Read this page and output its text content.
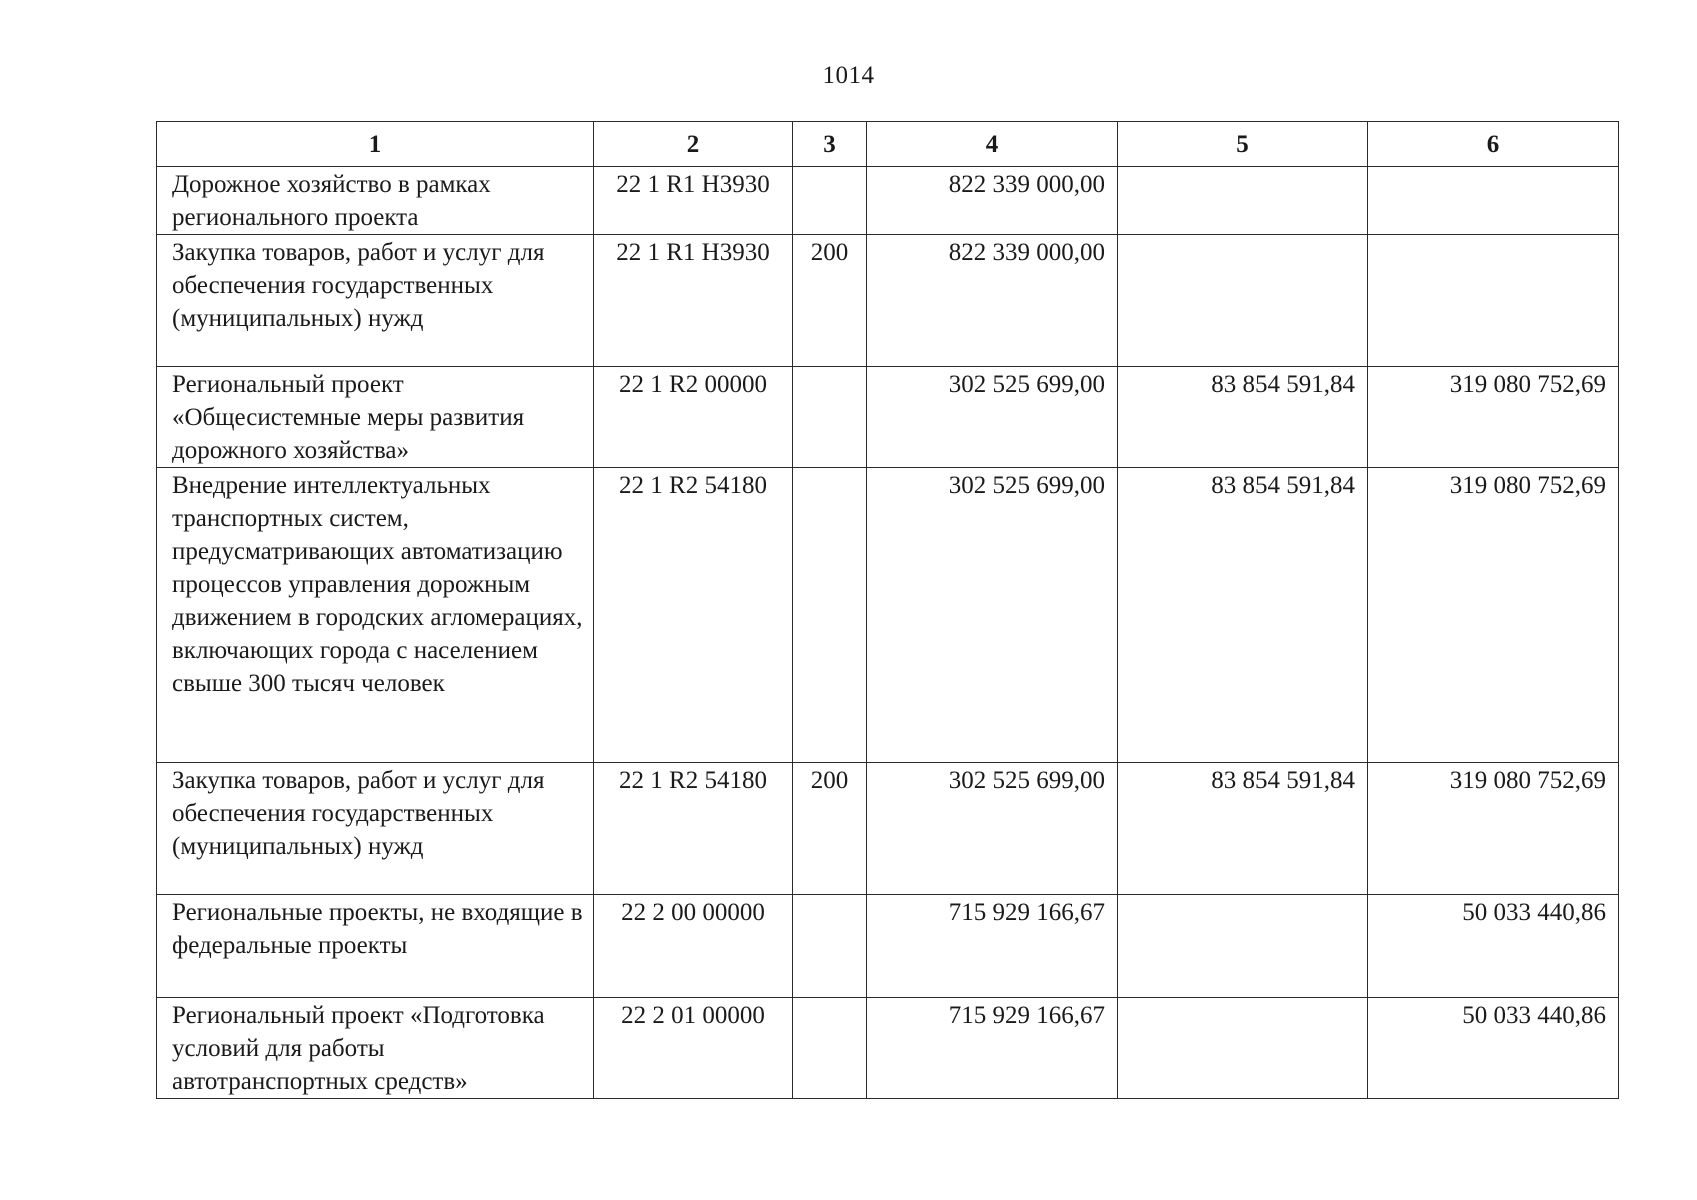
1014
1	2	3	4	5	6
Дорожное хозяйство в рамках регионального проекта	22 1 R1 Н3930		822 339 000,00		
Закупка товаров, работ и услуг для обеспечения государственных (муниципальных) нужд	22 1 R1 Н3930	200	822 339 000,00		
Региональный проект «Общесистемные меры развития дорожного хозяйства»	22 1 R2 00000		302 525 699,00	83 854 591,84	319 080 752,69
Внедрение интеллектуальных транспортных систем, предусматривающих автоматизацию процессов управления дорожным движением в городских агломерациях, включающих города с населением свыше 300 тысяч человек	22 1 R2 54180		302 525 699,00	83 854 591,84	319 080 752,69
Закупка товаров, работ и услуг для обеспечения государственных (муниципальных) нужд	22 1 R2 54180	200	302 525 699,00	83 854 591,84	319 080 752,69
Региональные проекты, не входящие в федеральные проекты	22 2 00 00000		715 929 166,67		50 033 440,86
Региональный проект «Подготовка условий для работы автотранспортных средств»	22 2 01 00000		715 929 166,67		50 033 440,86
